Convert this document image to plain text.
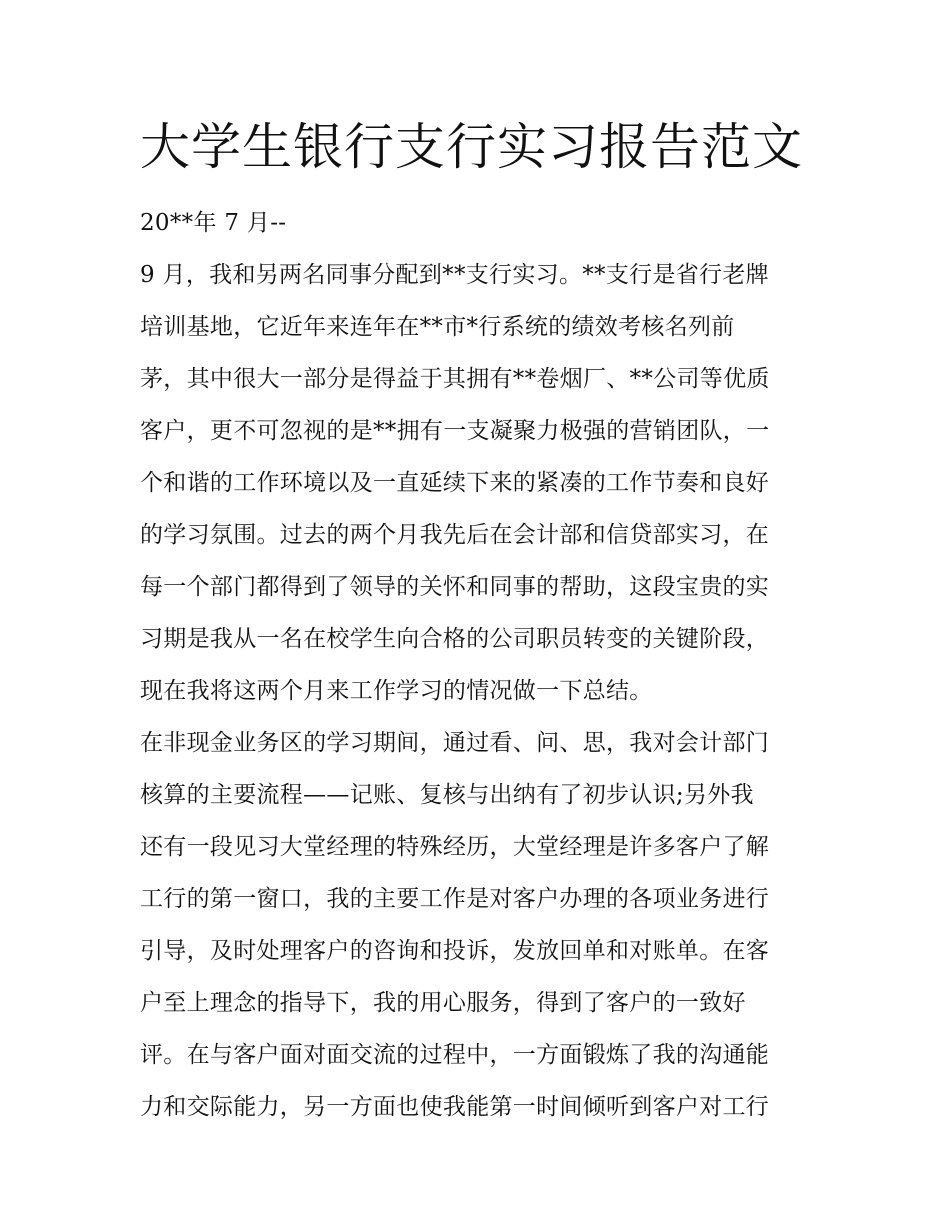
大学生银行支行实习报告范文
20**年 7 月--
9 月，我和另两名同事分配到**支行实习。**支行是省行老牌
培训基地，它近年来连年在**市*行系统的绩效考核名列前
茅，其中很大一部分是得益于其拥有**卷烟厂、**公司等优质
客户，更不可忽视的是**拥有一支凝聚力极强的营销团队，一
个和谐的工作环境以及一直延续下来的紧凑的工作节奏和良好
的学习氛围。过去的两个月我先后在会计部和信贷部实习，在
每一个部门都得到了领导的关怀和同事的帮助，这段宝贵的实
习期是我从一名在校学生向合格的公司职员转变的关键阶段，
现在我将这两个月来工作学习的情况做一下总结。
在非现金业务区的学习期间，通过看、问、思，我对会计部门
核算的主要流程——记账、复核与出纳有了初步认识;另外我
还有一段见习大堂经理的特殊经历，大堂经理是许多客户了解
工行的第一窗口，我的主要工作是对客户办理的各项业务进行
引导，及时处理客户的咨询和投诉，发放回单和对账单。在客
户至上理念的指导下，我的用心服务，得到了客户的一致好
评。在与客户面对面交流的过程中，一方面锻炼了我的沟通能
力和交际能力，另一方面也使我能第一时间倾听到客户对工行
